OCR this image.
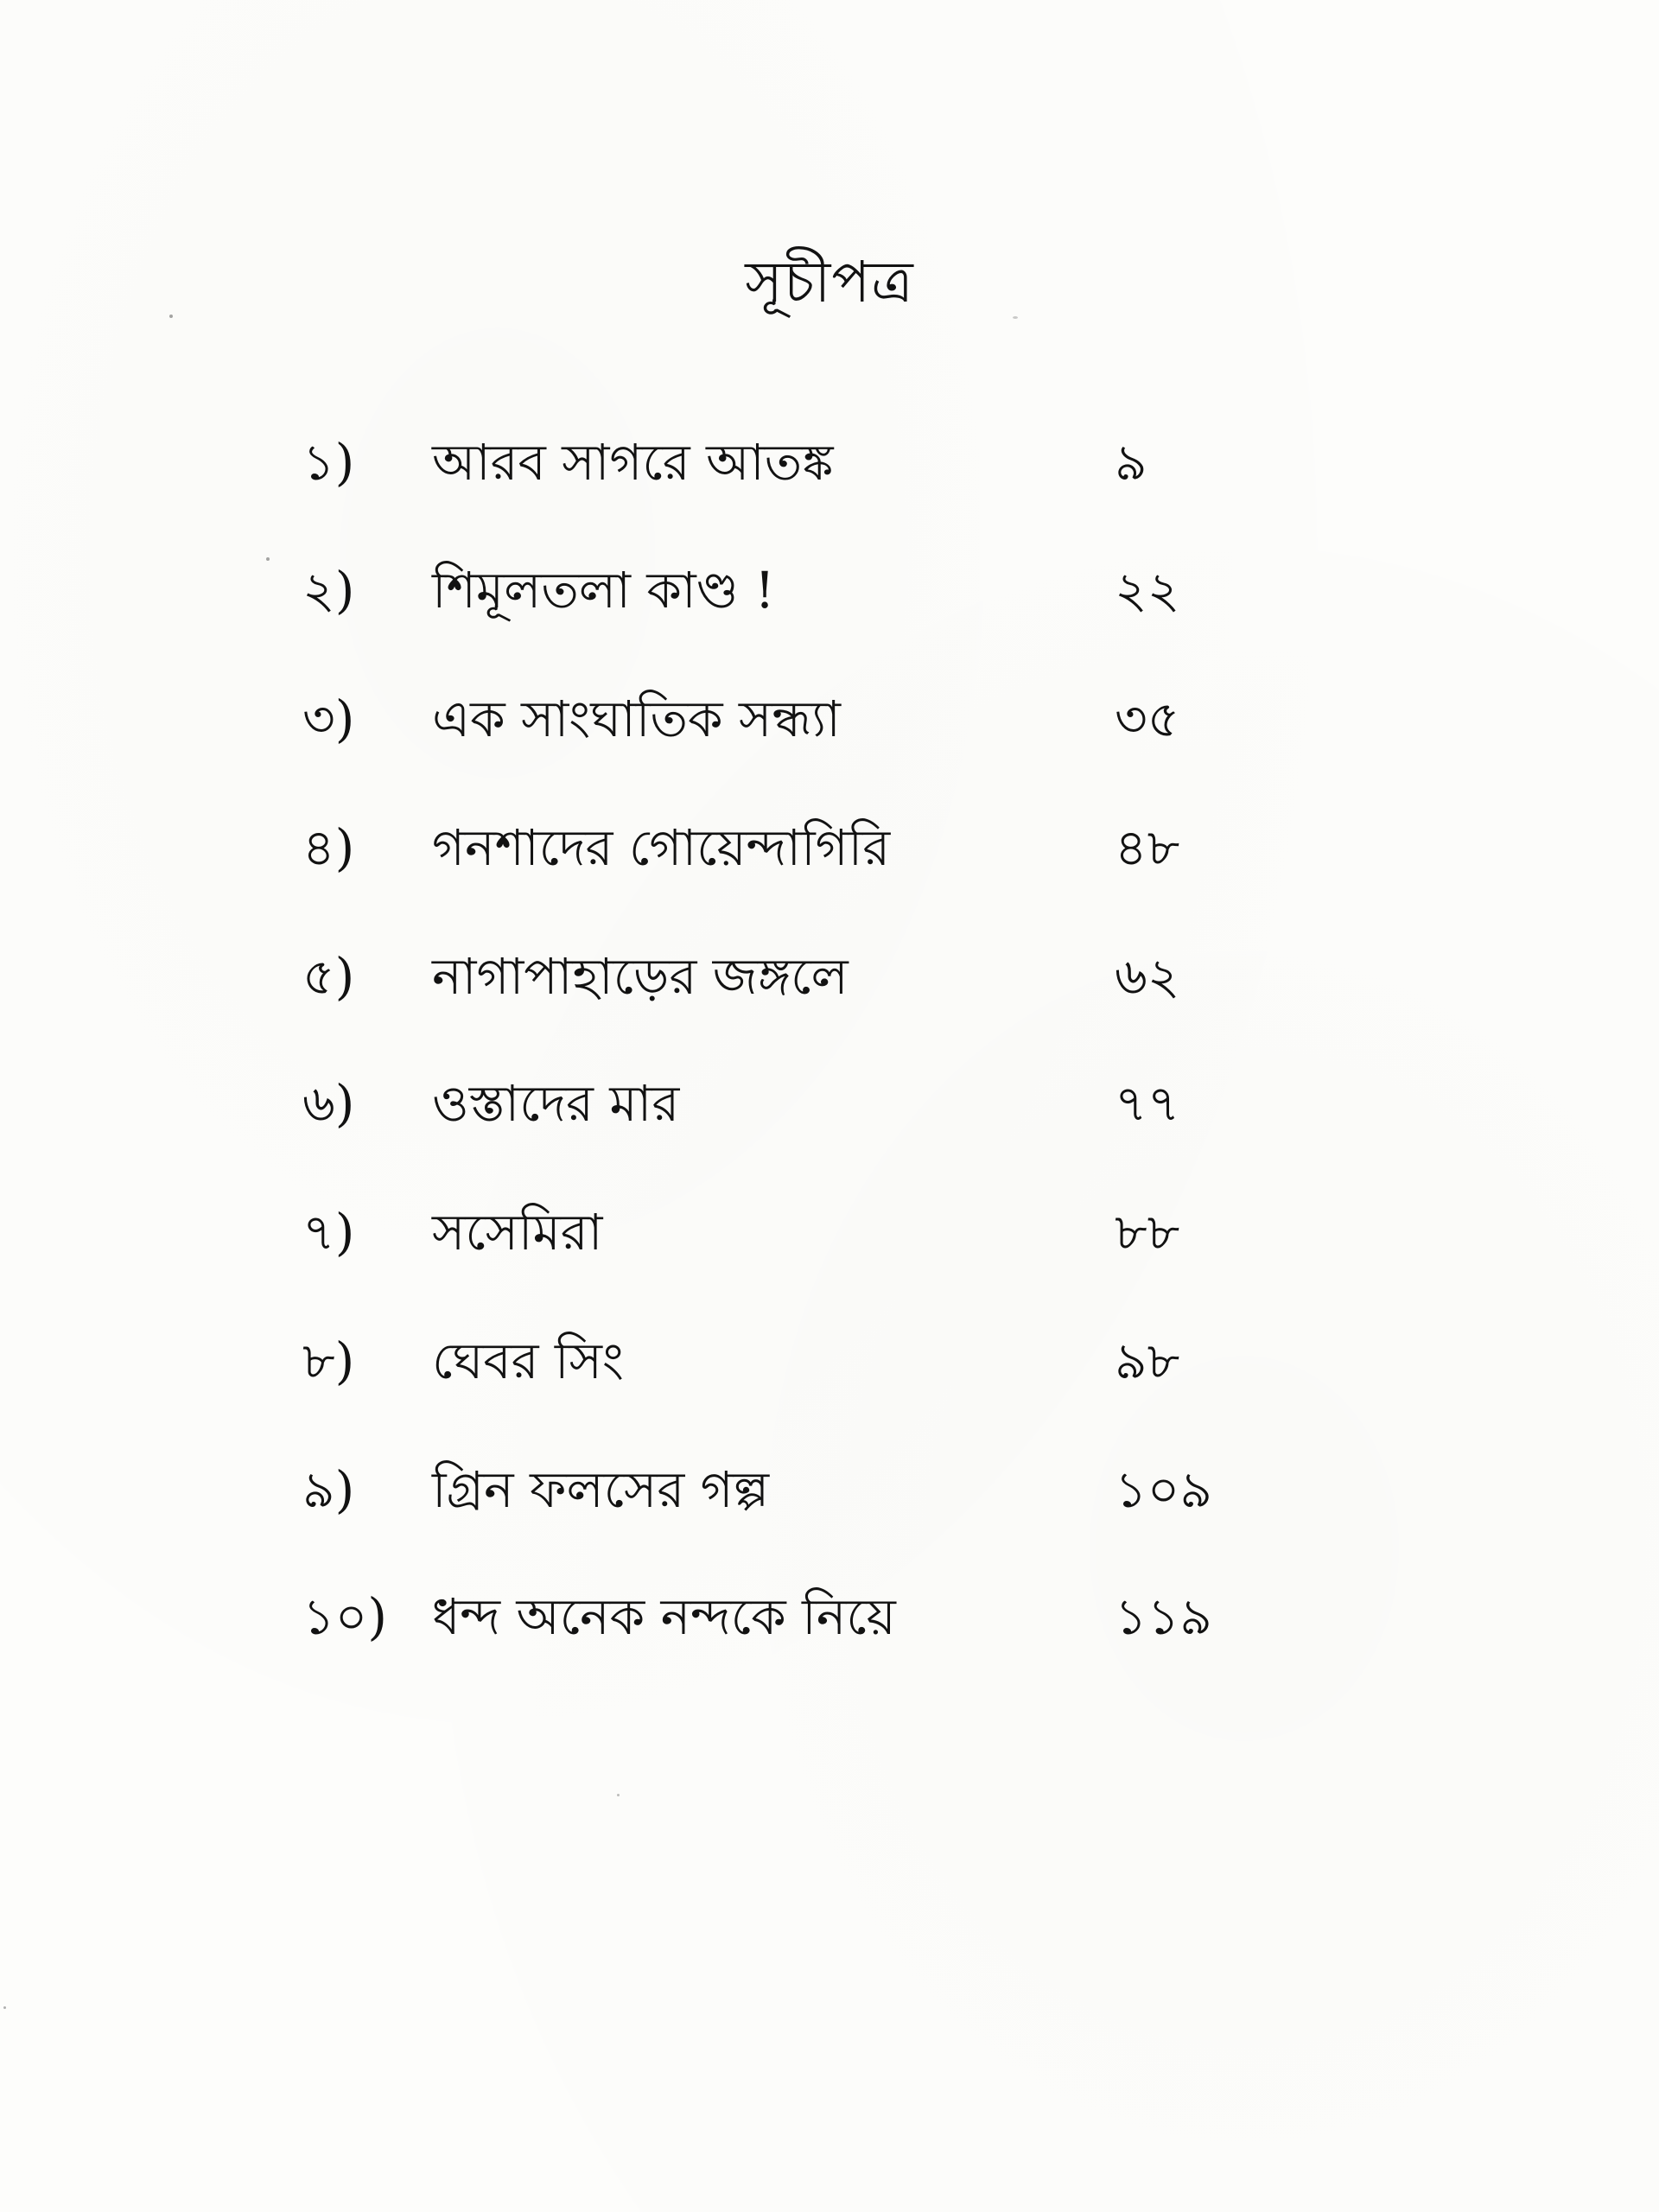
সূচীপত্র
১)	আরব সাগরে আতঙ্ক	৯
২)	শিমূলতলা কাণ্ড !	২২
৩)	এক সাংঘাতিক সন্ধ্যা	৩৫
৪)	গনশাদের গোয়েন্দাগিরি	৪৮
৫)	নাগাপাহাড়ের জঙ্গলে	৬২
৬)	ওস্তাদের মার	৭৭
৭)	সসেমিরা	৮৮
৮)	ঘেবর সিং	৯৮
৯)	গ্রিন ফলসের গল্প	১০৯
১০) ধন্দ অনেক নন্দকে নিয়ে	১১৯
